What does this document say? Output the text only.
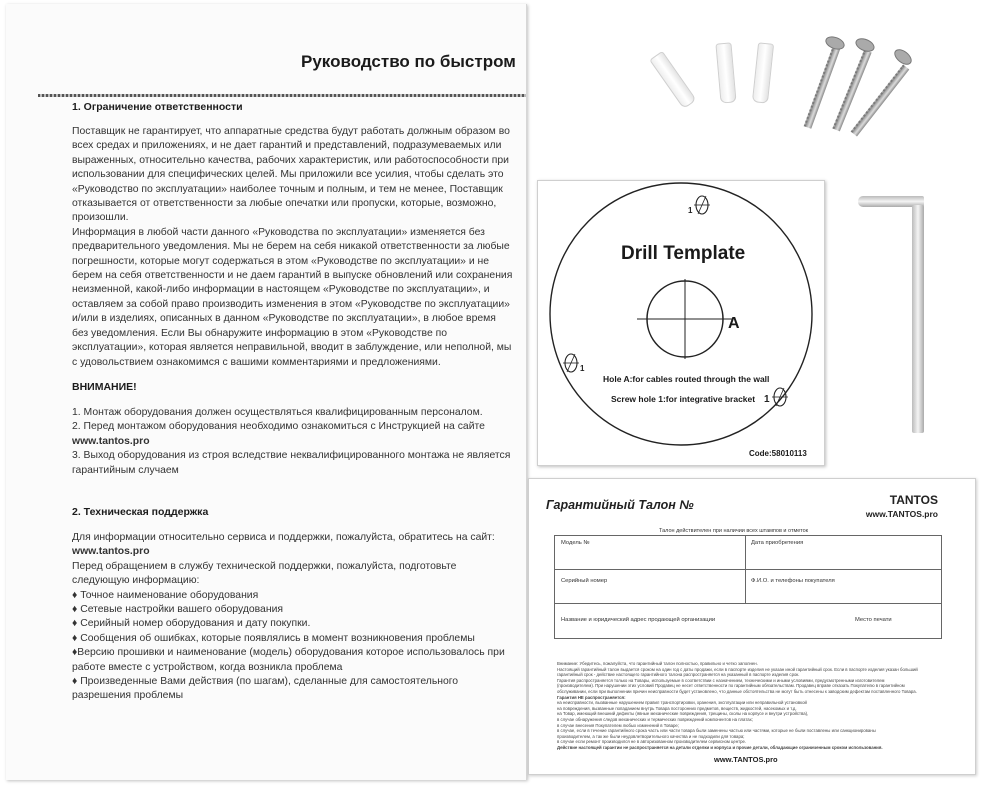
Руководство по быстром
1. Ограничение ответственности
Поставщик не гарантирует, что аппаратные средства будут работать должным образом во
всех средах и приложениях, и не дает гарантий и представлений, подразумеваемых или
выраженных, относительно качества, рабочих характеристик, или работоспособности при
использовании для специфических целей. Мы приложили все усилия, чтобы сделать это
«Руководство по эксплуатации» наиболее точным и полным, и тем не менее, Поставщик
отказывается от ответственности за любые опечатки или пропуски, которые, возможно,
произошли.
Информация в любой части данного «Руководства по эксплуатации» изменяется без
предварительного уведомления. Мы не берем на себя никакой ответственности за любые
погрешности, которые могут содержаться в этом «Руководстве по эксплуатации» и не
берем на себя ответственности и не даем гарантий в выпуске обновлений или сохранения
неизменной, какой-либо информации в настоящем «Руководстве по эксплуатации», и
оставляем за собой право производить изменения в этом «Руководстве по эксплуатации»
и/или в изделиях, описанных в данном «Руководстве по эксплуатации», в любое время
без уведомления. Если Вы обнаружите информацию в этом «Руководстве по
эксплуатации», которая является неправильной, вводит в заблуждение, или неполной, мы
с удовольствием ознакомимся с вашими комментариями и предложениями.
ВНИМАНИЕ!
1. Монтаж оборудования должен осуществляться квалифицированным персоналом.
2. Перед монтажом оборудования необходимо ознакомиться с Инструкцией на сайте
www.tantos.pro
3. Выход оборудования из строя вследствие неквалифицированного монтажа не является
гарантийным случаем
2. Техническая поддержка
Для информации относительно сервиса и поддержки, пожалуйста, обратитесь на сайт:
www.tantos.pro
Перед обращением в службу технической поддержки, пожалуйста, подготовьте
следующую информацию:
♦ Точное наименование оборудования
♦ Сетевые настройки вашего оборудования
♦ Серийный номер оборудования и дату покупки.
♦ Сообщения об ошибках, которые появлялись в момент возникновения проблемы
♦Версию прошивки и наименование (модель) оборудования которое использовалось при
работе вместе с устройством, когда возникла проблема
♦ Произведенные Вами действия (по шагам), сделанные для самостоятельного
разрешения проблемы
Drill Template
A
1
1
1
Hole A:for cables routed through the wall
Screw hole 1:for integrative bracket
Code:58010113
Гарантийный Талон №	TANTOS
www.TANTOS.pro
Талон действителен при наличии всех штампов и отметок
Модель №	Дата приобретения
Серийный номер	Ф.И.О. и телефоны покупателя
Название и юридический адрес продающей организации	Место печати
Внимание: Убедитесь, пожалуйста, что гарантийный талон полностью, правильно и четко заполнен.
Настоящий гарантийный талон выдается сроком на один год с даты продажи, если в паспорте изделия не указан иной гарантийный срок. Если в паспорте изделия указан больший
гарантийный срок - действие настоящего гарантийного талона распространяется на указанный в паспорте изделия срок.
Гарантия распространяется только на Товары, используемые в соответствии с назначением, техническими и иными условиями, предусмотренными изготовителем
(производителем). При нарушении этих условий Продавец не несет ответственности по гарантийным обязательствам. Продавец вправе отказать Покупателю в гарантийном
обслуживании, если при выполнении причин неисправности будет установлено, что данные обстоятельства не могут быть отнесены к заводским дефектам поставленного Товара.
Гарантия НЕ распространяется:
на неисправности, вызванные нарушением правил транспортировки, хранения, эксплуатации или неправильной установкой
на повреждения, вызванные попаданием внутрь Товара посторонних предметов, веществ, жидкостей, насекомых и т.д.
на Товар, имеющий внешний дефекты (явные механические повреждения, трещины, сколы на корпусе и внутри устройства),
в случае обнаружения следов механических и термических повреждений компонентов на платах;
в случае внесения Покупателем любых изменений в Товаре;
в случае, если в течение гарантийного срока часть или части товара были заменены частью или частями, которые не были поставлены или санкционированы
производителем, а так же были неудовлетворительного качества и не подходили для товара;
в случае если ремонт производился не в авторизованном производителем сервисном центре.
Действие настоящей гарантии не распространяется на детали отделки и корпуса и прочие детали, обладающие ограниченным сроком использования.
www.TANTOS.pro
